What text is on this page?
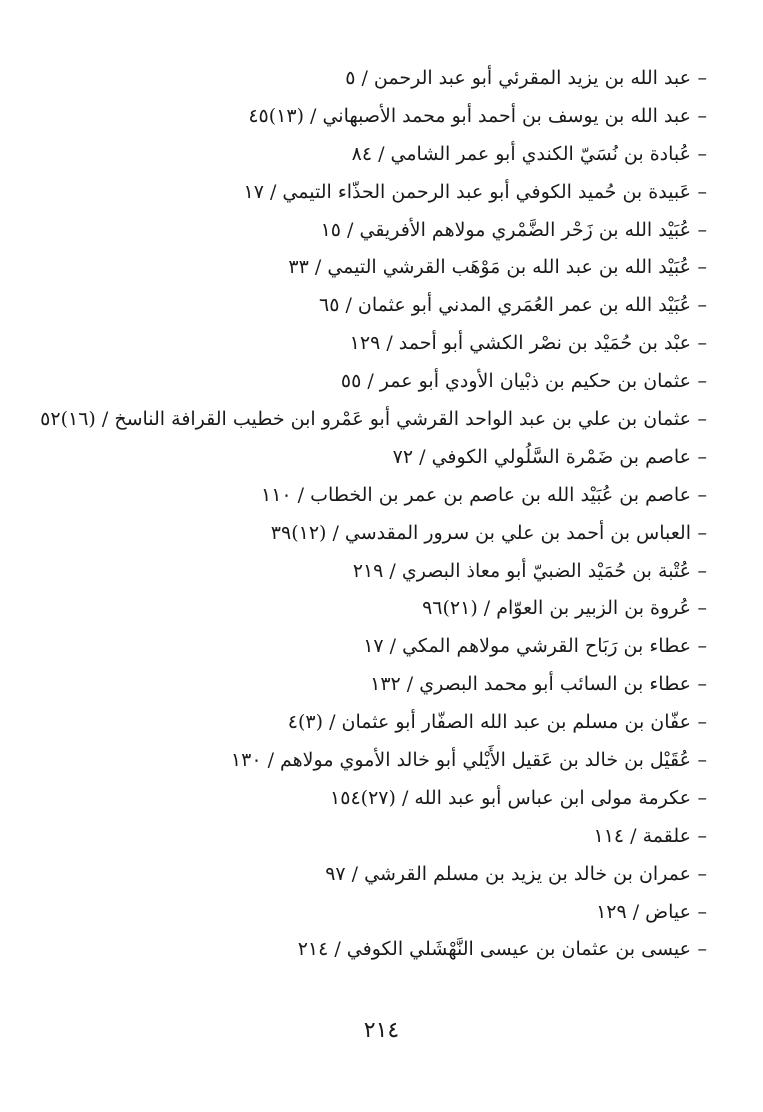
–
عبد الله بن يزيد المقرئي أبو عبد الرحمن / ٥
–
عبد الله بن يوسف بن أحمد أبو محمد الأصبهاني / (١٣)٤٥
–
عُبادة بن نُسَيّ الكندي أبو عمر الشامي / ٨٤
–
عَبيدة بن حُميد الكوفي أبو عبد الرحمن الحذّاء التيمي / ١٧
–
عُبَيْد الله بن زَحْر الضَّمْري مولاهم الأفريقي / ١٥
–
عُبَيْد الله بن عبد الله بن مَوْهَب القرشي التيمي / ٣٣
–
عُبَيْد الله بن عمر العُمَري المدني أبو عثمان / ٦٥
–
عبْد بن حُمَيْد بن نصْر الكشي أبو أحمد / ١٢٩
–
عثمان بن حكيم بن ذبْيان الأودي أبو عمر / ٥٥
–
عثمان بن علي بن عبد الواحد القرشي أبو عَمْرو ابن خطيب القرافة الناسخ / (١٦)٥٢
–
عاصم بن ضَمْرة السَّلُولي الكوفي / ٧٢
–
عاصم بن عُبَيْد الله بن عاصم بن عمر بن الخطاب / ١١٠
–
العباس بن أحمد بن علي بن سرور المقدسي / (١٢)٣٩
–
عُتْبة بن حُمَيْد الضبيّ أبو معاذ البصري / ٢١٩
–
عُروة بن الزبير بن العوّام / (٢١)٩٦
–
عطاء بن رَبَاح القرشي مولاهم المكي / ١٧
–
عطاء بن السائب أبو محمد البصري / ١٣٢
–
عفّان بن مسلم بن عبد الله الصفّار أبو عثمان / (٣)٤
–
عُقَيْل بن خالد بن عَقيل الأَيْلي أبو خالد الأموي مولاهم / ١٣٠
–
عكرمة مولى ابن عباس أبو عبد الله / (٢٧)١٥٤
–
علقمة / ١١٤
–
عمران بن خالد بن يزيد بن مسلم القرشي / ٩٧
–
عياض / ١٢٩
–
عيسى بن عثمان بن عيسى النَّهْشَلي الكوفي / ٢١٤
٢١٤
